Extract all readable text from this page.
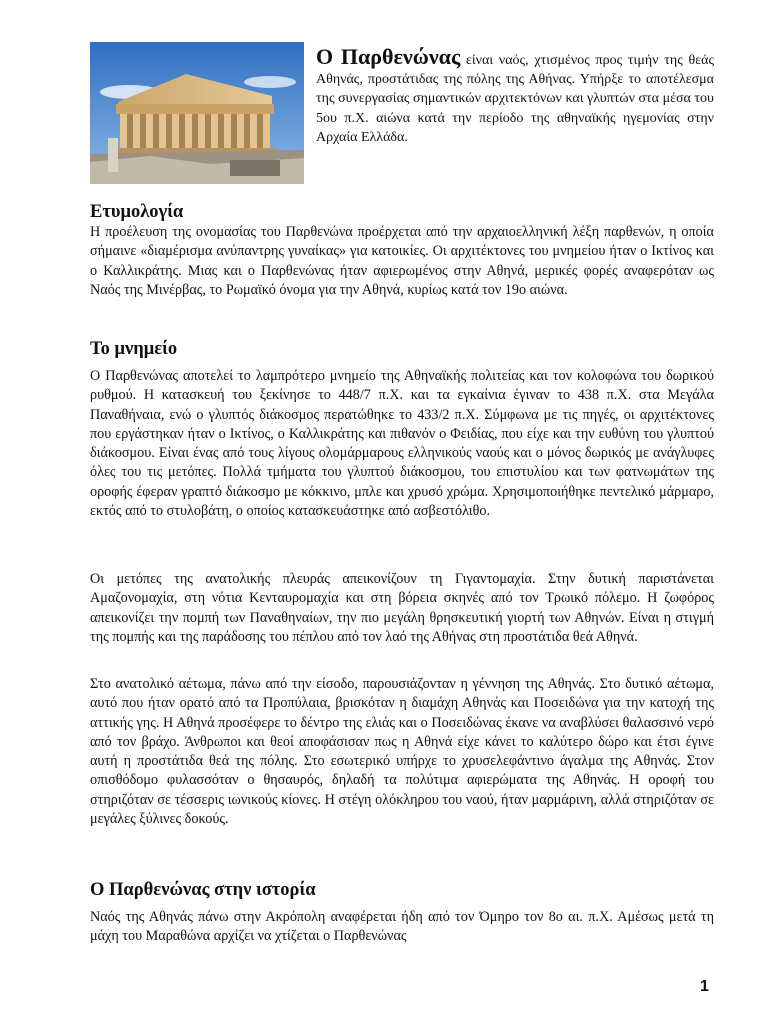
Ο Παρθενώνας είναι ναός, χτισμένος προς τιμήν της θεάς Αθηνάς, προστάτιδας της πόλης της Αθήνας. Υπήρξε το αποτέλεσμα της συνεργασίας σημαντικών αρχιτεκτόνων και γλυπτών στα μέσα του 5ου π.Χ. αιώνα κατά την περίοδο της αθηναϊκής ηγεμονίας στην Αρχαία Ελλάδα.
Ετυμολογία
Η προέλευση της ονομασίας του Παρθενώνα προέρχεται από την αρχαιοελληνική λέξη παρθενών, η οποία σήμαινε «διαμέρισμα ανύπαντρης γυναίκας» για κατοικίες. Οι αρχιτέκτονες του μνημείου ήταν ο Ικτίνος και ο Καλλικράτης. Μιας και ο Παρθενώνας ήταν αφιερωμένος στην Αθηνά, μερικές φορές αναφερόταν ως Ναός της Μινέρβας, το Ρωμαϊκό όνομα για την Αθηνά, κυρίως κατά τον 19ο αιώνα.
Το μνημείο
Ο Παρθενώνας αποτελεί το λαμπρότερο μνημείο της Αθηναϊκής πολιτείας και τον κολοφώνα του δωρικού ρυθμού. Η κατασκευή του ξεκίνησε το 448/7 π.Χ. και τα εγκαίνια έγιναν το 438 π.Χ. στα Μεγάλα Παναθήναια, ενώ ο γλυπτός διάκοσμος περατώθηκε το 433/2 π.Χ. Σύμφωνα με τις πηγές, οι αρχιτέκτονες που εργάστηκαν ήταν ο Ικτίνος, ο Καλλικράτης και πιθανόν ο Φειδίας, που είχε και την ευθύνη του γλυπτού διάκοσμου. Είναι ένας από τους λίγους ολομάρμαρους ελληνικούς ναούς και ο μόνος δωρικός με ανάγλυφες όλες του τις μετόπες. Πολλά τμήματα του γλυπτού διάκοσμου, του επιστυλίου και των φατνωμάτων της οροφής έφεραν γραπτό διάκοσμο με κόκκινο, μπλε και χρυσό χρώμα. Χρησιμοποιήθηκε πεντελικό μάρμαρο, εκτός από το στυλοβάτη, ο οποίος κατασκευάστηκε από ασβεστόλιθο.
Οι μετόπες της ανατολικής πλευράς απεικονίζουν τη Γιγαντομαχία. Στην δυτική παριστάνεται Αμαζονομαχία, στη νότια Κενταυρομαχία και στη βόρεια σκηνές από τον Τρωικό πόλεμο. Η ζωφόρος απεικονίζει την πομπή των Παναθηναίων, την πιο μεγάλη θρησκευτική γιορτή των Αθηνών. Είναι η στιγμή της πομπής και της παράδοσης του πέπλου από τον λαό της Αθήνας στη προστάτιδα θεά Αθηνά.
Στο ανατολικό αέτωμα, πάνω από την είσοδο, παρουσιάζονταν η γέννηση της Αθηνάς. Στο δυτικό αέτωμα, αυτό που ήταν ορατό από τα Προπύλαια, βρισκόταν η διαμάχη Αθηνάς και Ποσειδώνα για την κατοχή της αττικής γης. Η Αθηνά προσέφερε το δέντρο της ελιάς και ο Ποσειδώνας έκανε να αναβλύσει θαλασσινό νερό από τον βράχο. Άνθρωποι και θεοί αποφάσισαν πως η Αθηνά είχε κάνει το καλύτερο δώρο και έτσι έγινε αυτή η προστάτιδα θεά της πόλης. Στο εσωτερικό υπήρχε το χρυσελεφάντινο άγαλμα της Αθηνάς. Στον οπισθόδομο φυλασσόταν ο θησαυρός, δηλαδή τα πολύτιμα αφιερώματα της Αθηνάς. Η οροφή του στηριζόταν σε τέσσερις ιωνικούς κίονες. Η στέγη ολόκληρου του ναού, ήταν μαρμάρινη, αλλά στηριζόταν σε μεγάλες ξύλινες δοκούς.
Ο Παρθενώνας στην ιστορία
Ναός της Αθηνάς πάνω στην Ακρόπολη αναφέρεται ήδη από τον Όμηρο τον 8ο αι. π.Χ. Αμέσως μετά τη μάχη του Μαραθώνα αρχίζει να χτίζεται ο Παρθενώνας
1
